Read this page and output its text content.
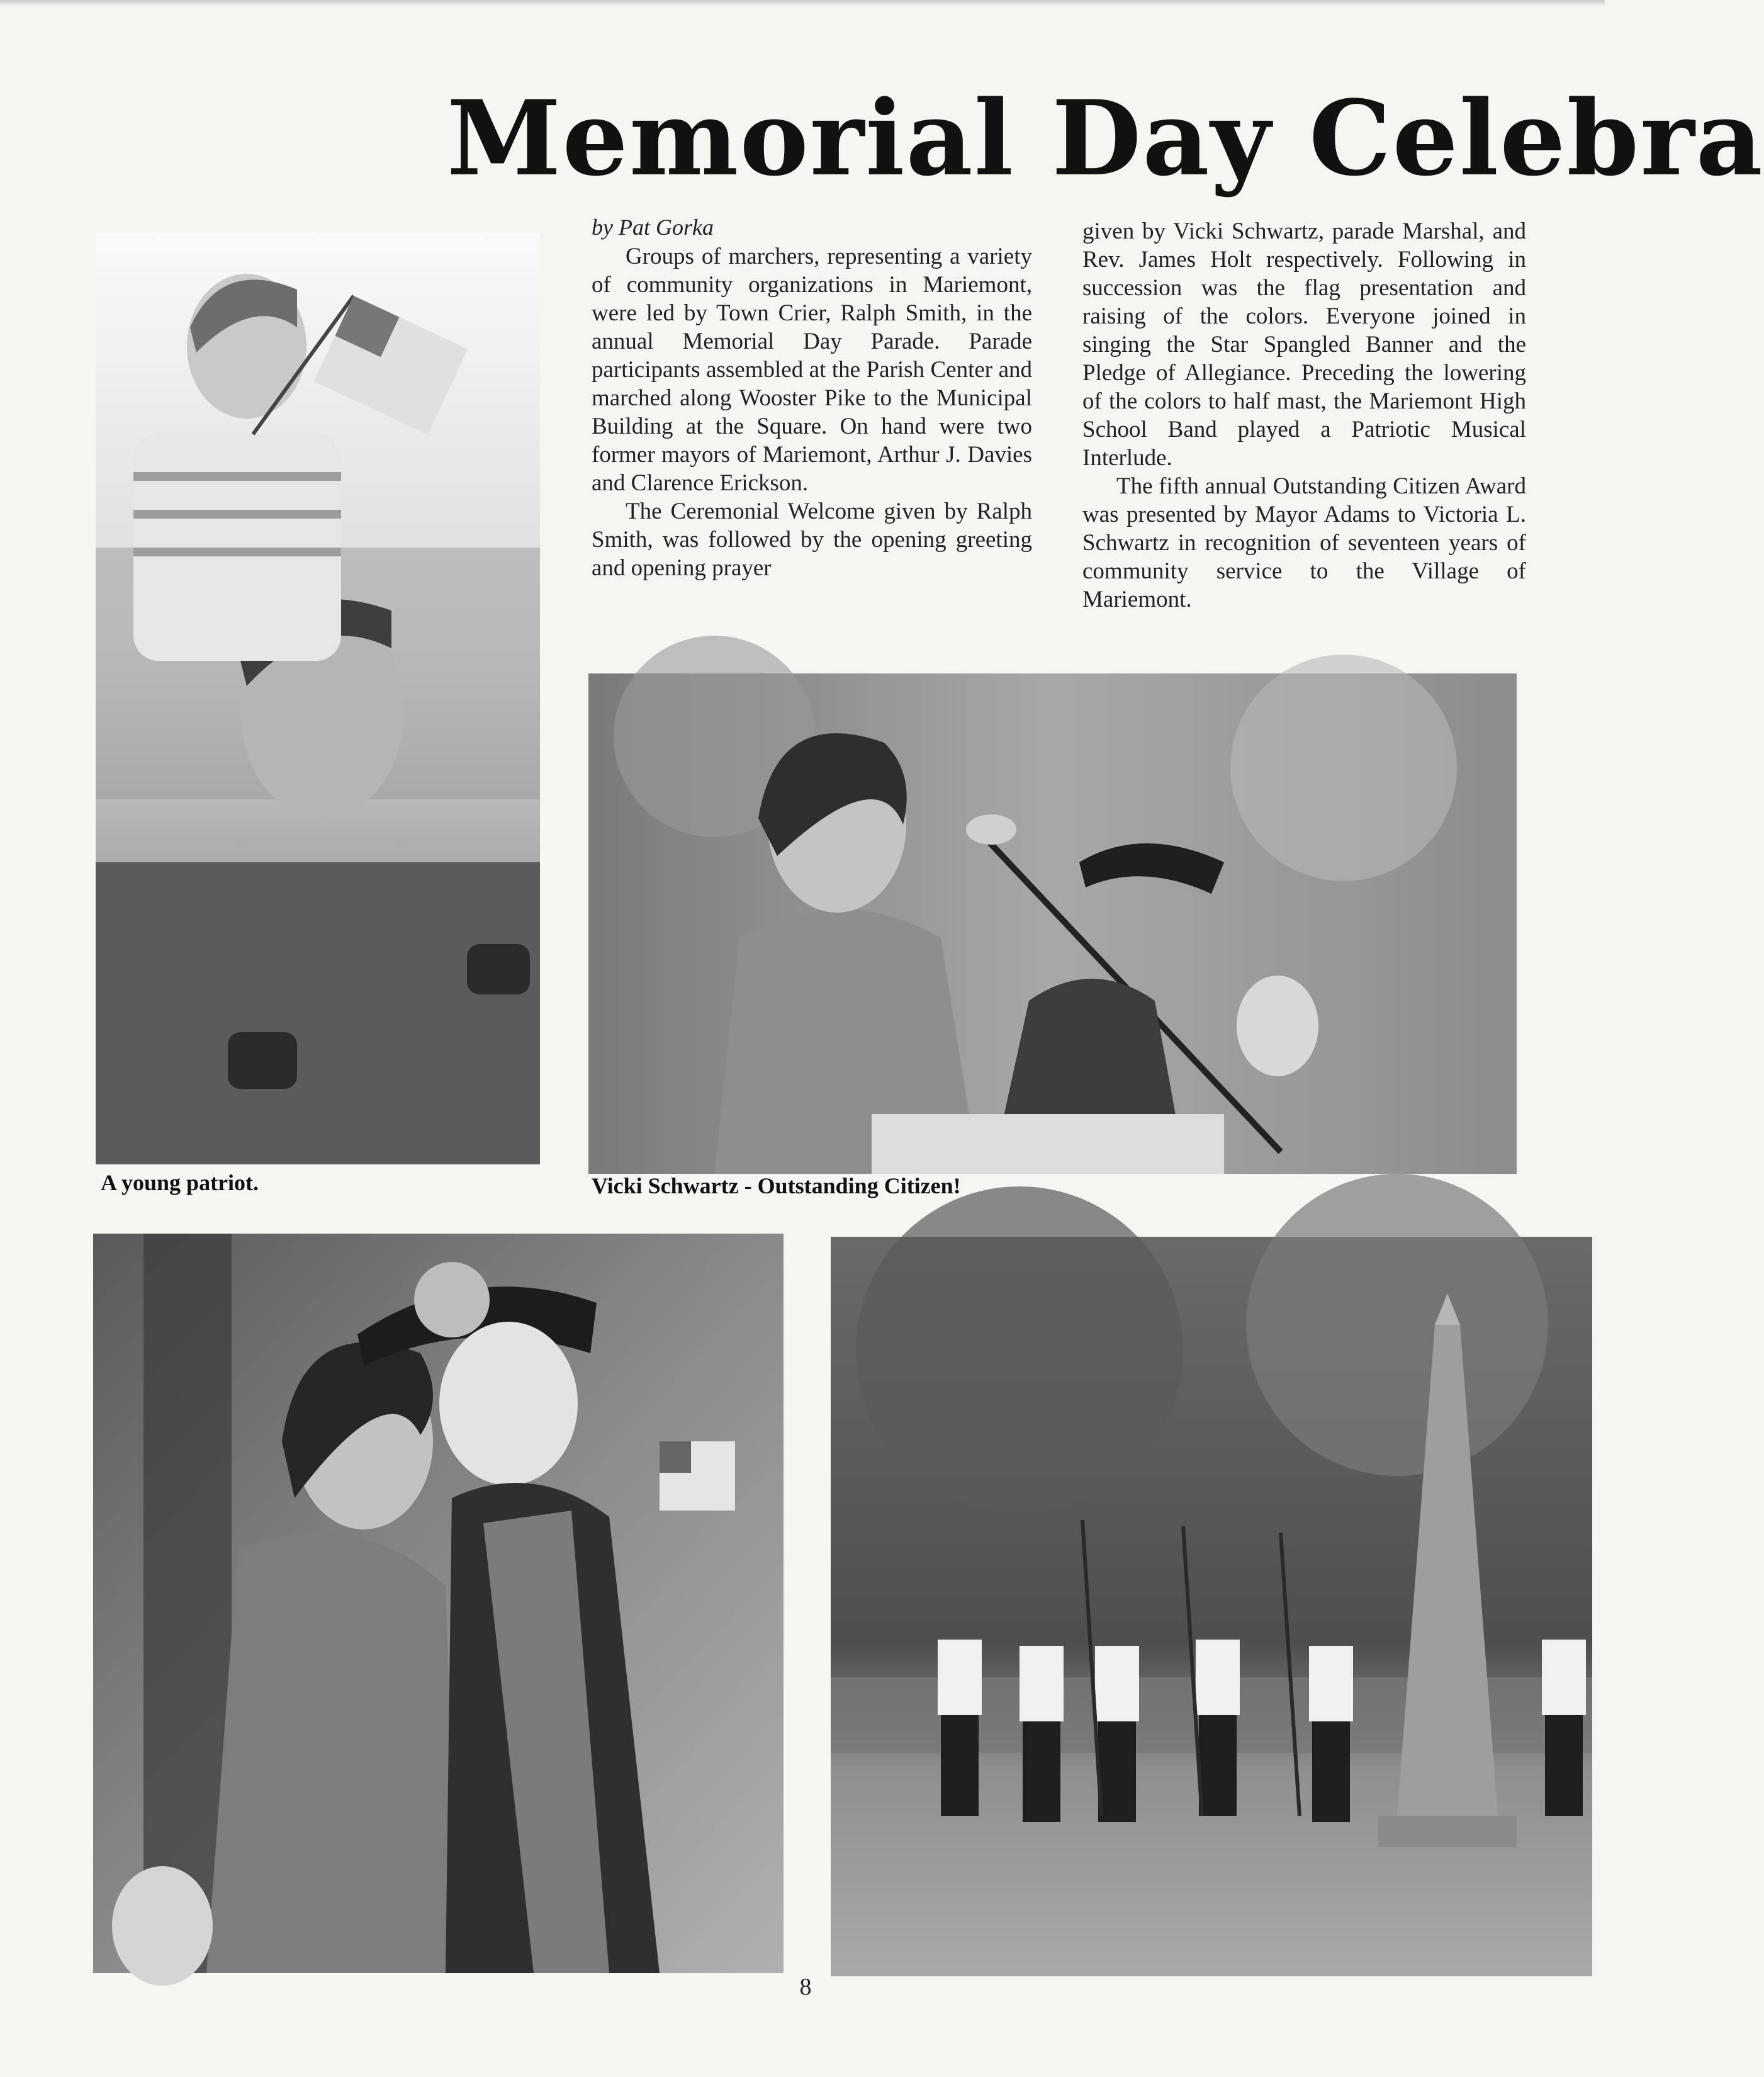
Memorial Day Celebra
by Pat Gorka

Groups of marchers, representing a variety of community organizations in Mariemont, were led by Town Crier, Ralph Smith, in the annual Memorial Day Parade. Parade participants assembled at the Parish Center and marched along Wooster Pike to the Municipal Building at the Square. On hand were two former mayors of Mariemont, Arthur J. Davies and Clarence Erickson.

The Ceremonial Welcome given by Ralph Smith, was followed by the opening greeting and opening prayer

given by Vicki Schwartz, parade Marshal, and Rev. James Holt respectively. Following in succession was the flag presentation and raising of the colors. Everyone joined in singing the Star Spangled Banner and the Pledge of Allegiance. Preceding the lowering of the colors to half mast, the Mariemont High School Band played a Patriotic Musical Interlude.

The fifth annual Outstanding Citizen Award was presented by Mayor Adams to Victoria L. Schwartz in recognition of seventeen years of community service to the Village of Mariemont.

A young patriot.	Vicki Schwartz - Outstanding Citizen!
8
